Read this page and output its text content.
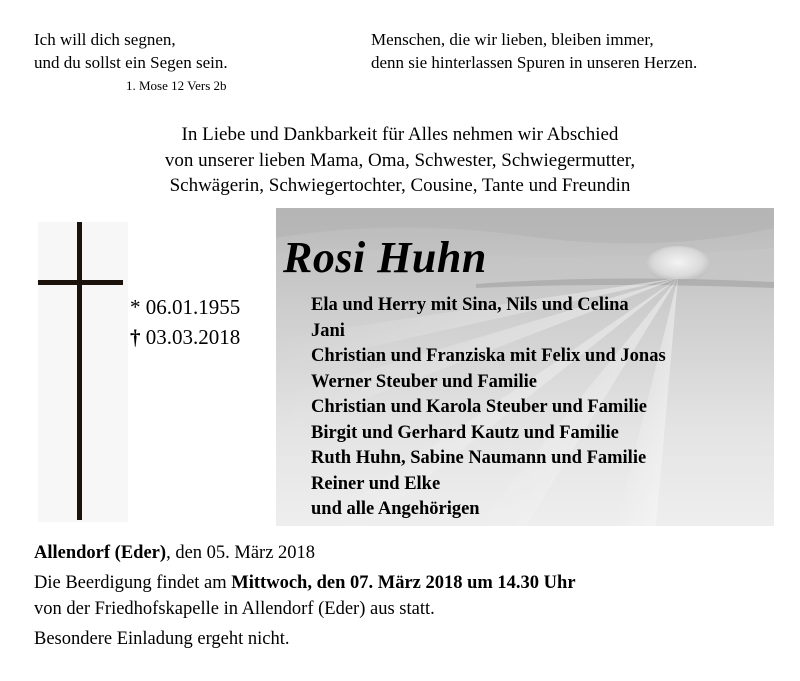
Ich will dich segnen,
und du sollst ein Segen sein.
1. Mose 12 Vers 2b
Menschen, die wir lieben, bleiben immer,
denn sie hinterlassen Spuren in unseren Herzen.
In Liebe und Dankbarkeit für Alles nehmen wir Abschied
von unserer lieben Mama, Oma, Schwester, Schwiegermutter,
Schwägerin, Schwiegertochter, Cousine, Tante und Freundin
* 06.01.1955
† 03.03.2018
Rosi Huhn
Ela und Herry mit Sina, Nils und Celina
Jani
Christian und Franziska mit Felix und Jonas
Werner Steuber und Familie
Christian und Karola Steuber und Familie
Birgit und Gerhard Kautz und Familie
Ruth Huhn, Sabine Naumann und Familie
Reiner und Elke
und alle Angehörigen
Allendorf (Eder), den 05. März 2018
Die Beerdigung findet am Mittwoch, den 07. März 2018 um 14.30 Uhr
von der Friedhofskapelle in Allendorf (Eder) aus statt.
Besondere Einladung ergeht nicht.
